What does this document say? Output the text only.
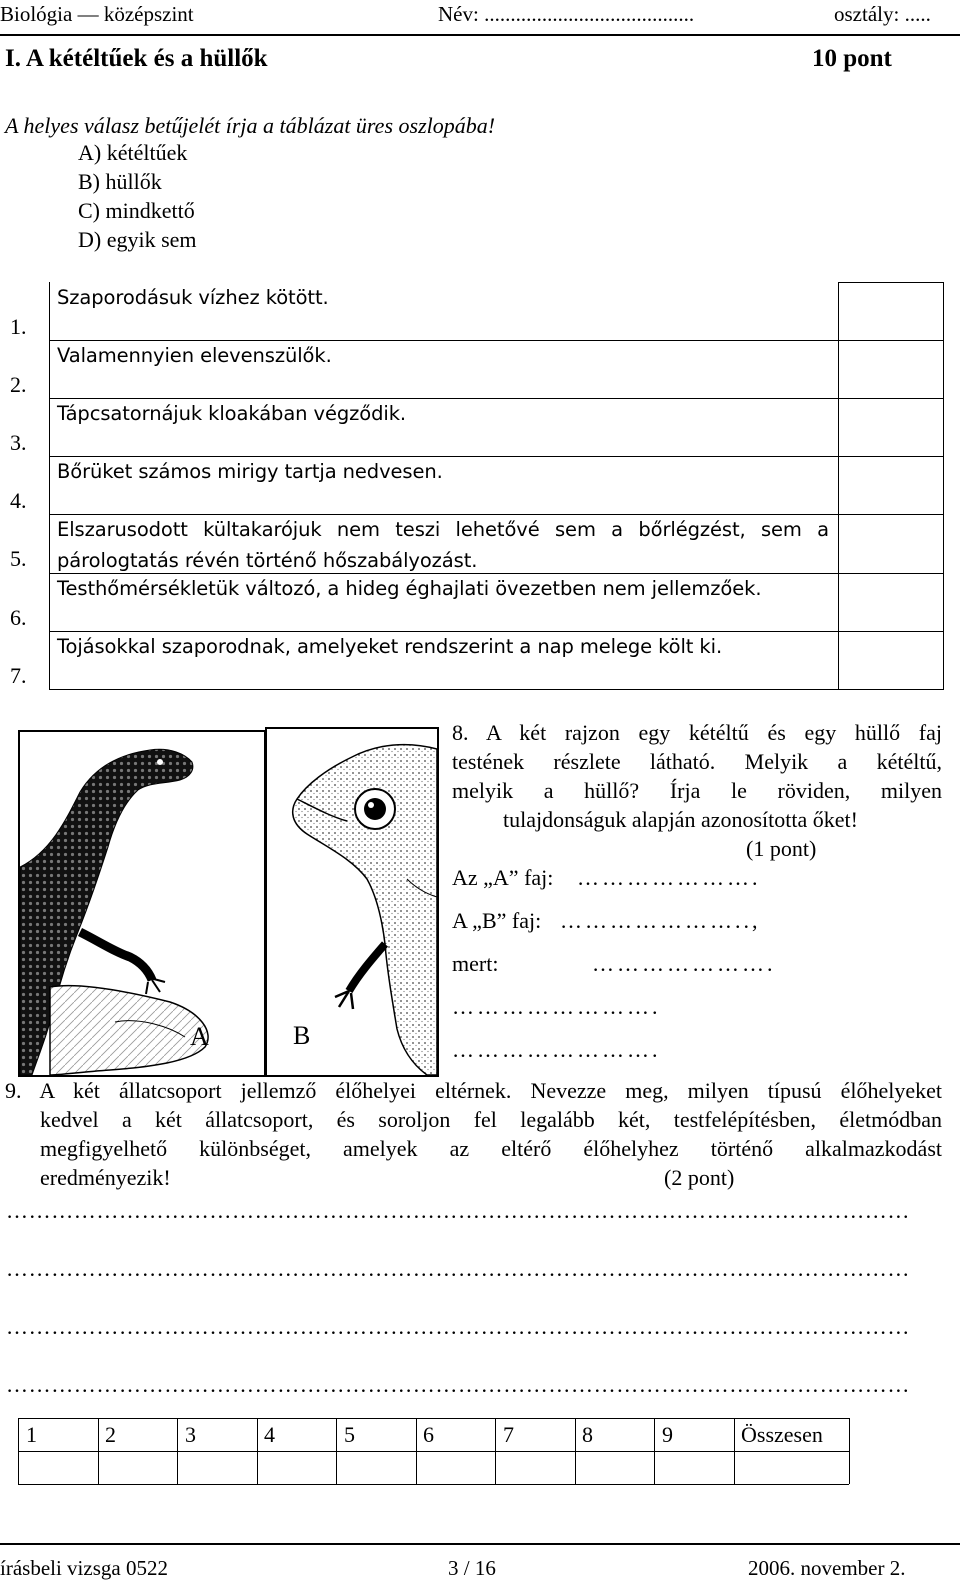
Biológia — középszint	Név: ........................................	osztály: .....
I. A kétéltűek és a hüllők	10 pont
A helyes válasz betűjelét írja a táblázat üres oszlopába!
A) kétéltűek
B) hüllők
C) mindkettő
D) egyik sem
1.
Szaporodásuk vízhez kötött.
2.
Valamennyien elevenszülők.
3.
Tápcsatornájuk kloakában végződik.
4.
Bőrüket számos mirigy tartja nedvesen.
5.
Elszarusodott kültakarójuk nem teszi lehetővé sem a bőrlégzést, sem a
párologtatás révén történő hőszabályozást.
6.
Testhőmérsékletük változó, a hideg éghajlati övezetben nem jellemzőek.
7.
Tojásokkal szaporodnak, amelyeket rendszerint a nap melege költ ki.
A	B
8. A két rajzon egy kétéltű és egy hüllő faj
testének részlete látható. Melyik a kétéltű,
melyik a hüllő? Írja le röviden, milyen
tulajdonságuk alapján azonosította őket!
(1 pont)
Az „A” faj: ………………….
A „B” faj: …………………..,
mert:	………………….
…………………….
…………………….
9. A két állatcsoport jellemző élőhelyei eltérnek. Nevezze meg, milyen típusú élőhelyeket
kedvel a két állatcsoport, és soroljon fel legalább két, testfelépítésben, életmódban
megfigyelhető különbséget, amelyek az eltérő élőhelyhez történő alkalmazkodást
eredményezik!	(2 pont)
…………………………………………………………………………………………………………
…………………………………………………………………………………………………………
…………………………………………………………………………………………………………
…………………………………………………………………………………………………………
1	2	3	4	5	6	7	8	9	Összesen
írásbeli vizsga 0522	3 / 16	2006. november 2.
